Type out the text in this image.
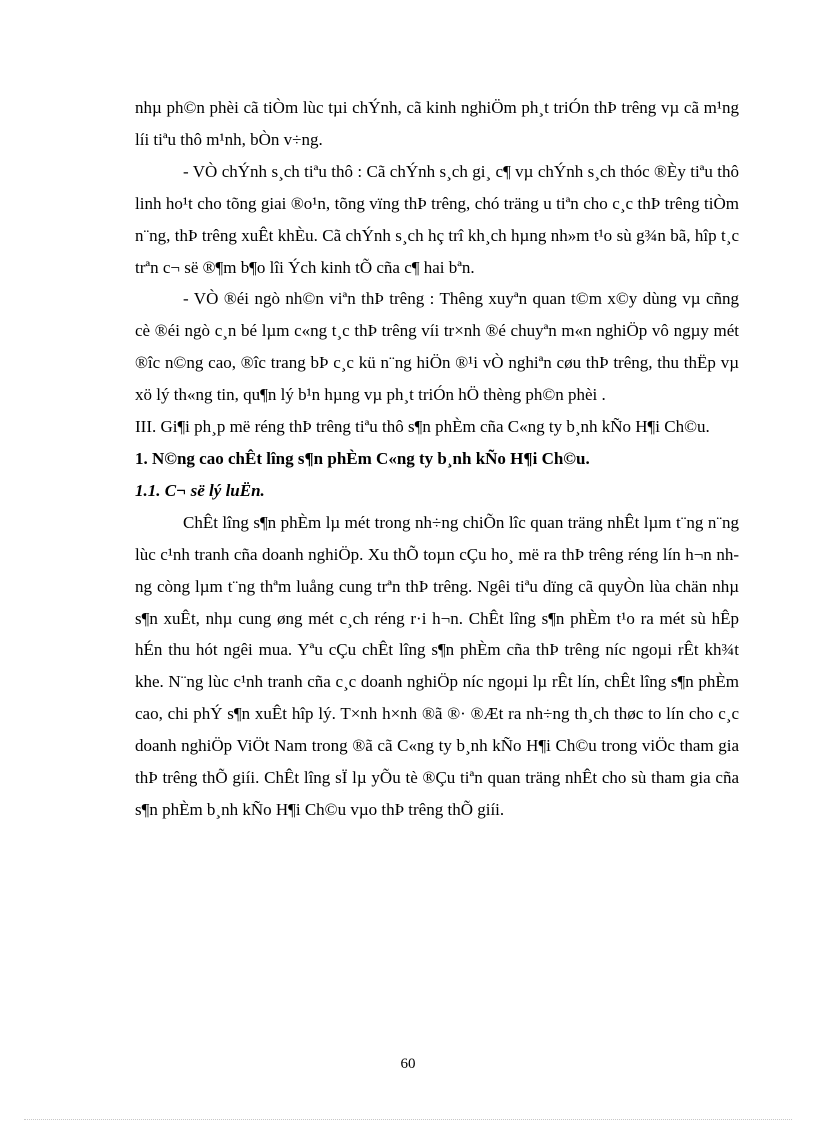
nhµ ph©n phèi cã tiÒm lùc tµi chÝnh, cã kinh nghiÖm ph¸t triÓn thÞ trêng vµ cã m¹ng líi tiªu thô m¹nh, bÒn v÷ng.

- VÒ chÝnh s¸ch tiªu thô : Cã chÝnh s¸ch gi¸ c¶ vµ chÝnh s¸ch thóc ®Èy tiªu thô linh ho¹t cho tõng giai ®o¹n, tõng vïng thÞ trêng, chó träng u tiªn cho c¸c thÞ trêng tiÒm n¨ng, thÞ trêng xuÊt khÈu. Cã chÝnh s¸ch hç trî kh¸ch hµng nh»m t¹o sù g¾n bã, hîp t¸c trªn c¬ së ®¶m b¶o lîi Ých kinh tÕ cña c¶ hai bªn.

- VÒ ®éi ngò nh©n viªn thÞ trêng : Thêng xuyªn quan t©m x©y dùng vµ cñng cè ®éi ngò c¸n bé lµm c«ng t¸c thÞ trêng víi tr×nh ®é chuyªn m«n nghiÖp vô ngµy mét ®îc n©ng cao, ®îc trang bÞ c¸c kü n¨ng hiÖn ®¹i vÒ nghiªn cøu thÞ trêng, thu thËp vµ xö lý th«ng tin, qu¶n lý b¹n hµng vµ ph¸t triÓn hÖ thèng ph©n phèi .

III. Gi¶i ph¸p më réng thÞ trêng tiªu thô s¶n phÈm cña C«ng ty b¸nh kÑo H¶i Ch©u.

1. N©ng cao chÊt lîng s¶n phÈm C«ng ty b¸nh kÑo H¶i Ch©u.

1.1. C¬ së lý luËn.

ChÊt lîng s¶n phÈm lµ mét trong nh÷ng chiÕn lîc quan träng nhÊt lµm t¨ng n¨ng lùc c¹nh tranh cña doanh nghiÖp. Xu thÕ toµn cÇu ho¸ më ra thÞ trêng réng lín h¬n nhng còng lµm t¨ng thªm luång cung trªn thÞ trêng. Ngêi tiªu dïng cã quyÒn lùa chän nhµ s¶n xuÊt, nhµ cung øng mét c¸ch réng r·i h¬n. ChÊt lîng s¶n phÈm t¹o ra mét sù hÊp hÉn thu hót ngêi mua. Yªu cÇu chÊt lîng s¶n phÈm cña thÞ trêng níc ngoµi rÊt kh¾t khe. N¨ng lùc c¹nh tranh cña c¸c doanh nghiÖp níc ngoµi lµ rÊt lín, chÊt lîng s¶n phÈm cao, chi phÝ s¶n xuÊt hîp lý. T×nh h×nh ®ã ®· ®Æt ra nh÷ng th¸ch thøc to lín cho c¸c doanh nghiÖp ViÖt Nam trong ®ã cã C«ng ty b¸nh kÑo H¶i Ch©u trong viÖc tham gia thÞ trêng thÕ giíi. ChÊt lîng sÏ lµ yÕu tè ®Çu tiªn quan träng nhÊt cho sù tham gia cña s¶n phÈm b¸nh kÑo H¶i Ch©u vµo thÞ trêng thÕ giíi.

60
